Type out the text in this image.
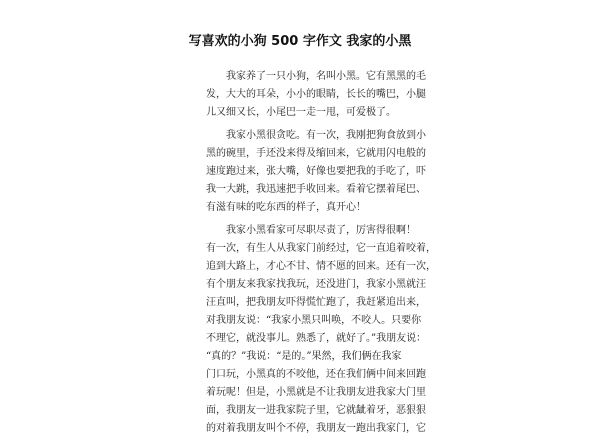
写喜欢的小狗 500 字作文 我家的小黑
　　我家养了一只小狗，名叫小黑。它有黑黑的毛
发，大大的耳朵，小小的眼睛，长长的嘴巴，小腿
儿又细又长，小尾巴一走一甩，可爱极了。
　　我家小黑很贪吃。有一次，我刚把狗食放到小
黑的碗里，手还没来得及缩回来，它就用闪电般的
速度跑过来，张大嘴，好像也要把我的手吃了，吓
我一大跳，我迅速把手收回来。看着它摆着尾巴、
有滋有味的吃东西的样子，真开心！
　　我家小黑看家可尽职尽责了，厉害得很啊！
有一次，有生人从我家门前经过，它一直追着咬着，
追到大路上，才心不甘、情不愿的回来。还有一次，
有个朋友来我家找我玩，还没进门，我家小黑就汪
汪直叫，把我朋友吓得慌忙跑了，我赶紧追出来，
对我朋友说：“我家小黑只叫唤，不咬人。只要你
不理它，就没事儿。熟悉了，就好了。”我朋友说：
“真的？”我说：“是的。”果然，我们俩在我家
门口玩，小黑真的不咬他，还在我们俩中间来回跑
着玩呢！但是，小黑就是不让我朋友进我家大门里
面，我朋友一进我家院子里，它就龇着牙，恶狠狠
的对着我朋友叫个不停，我朋友一跑出我家门，它
